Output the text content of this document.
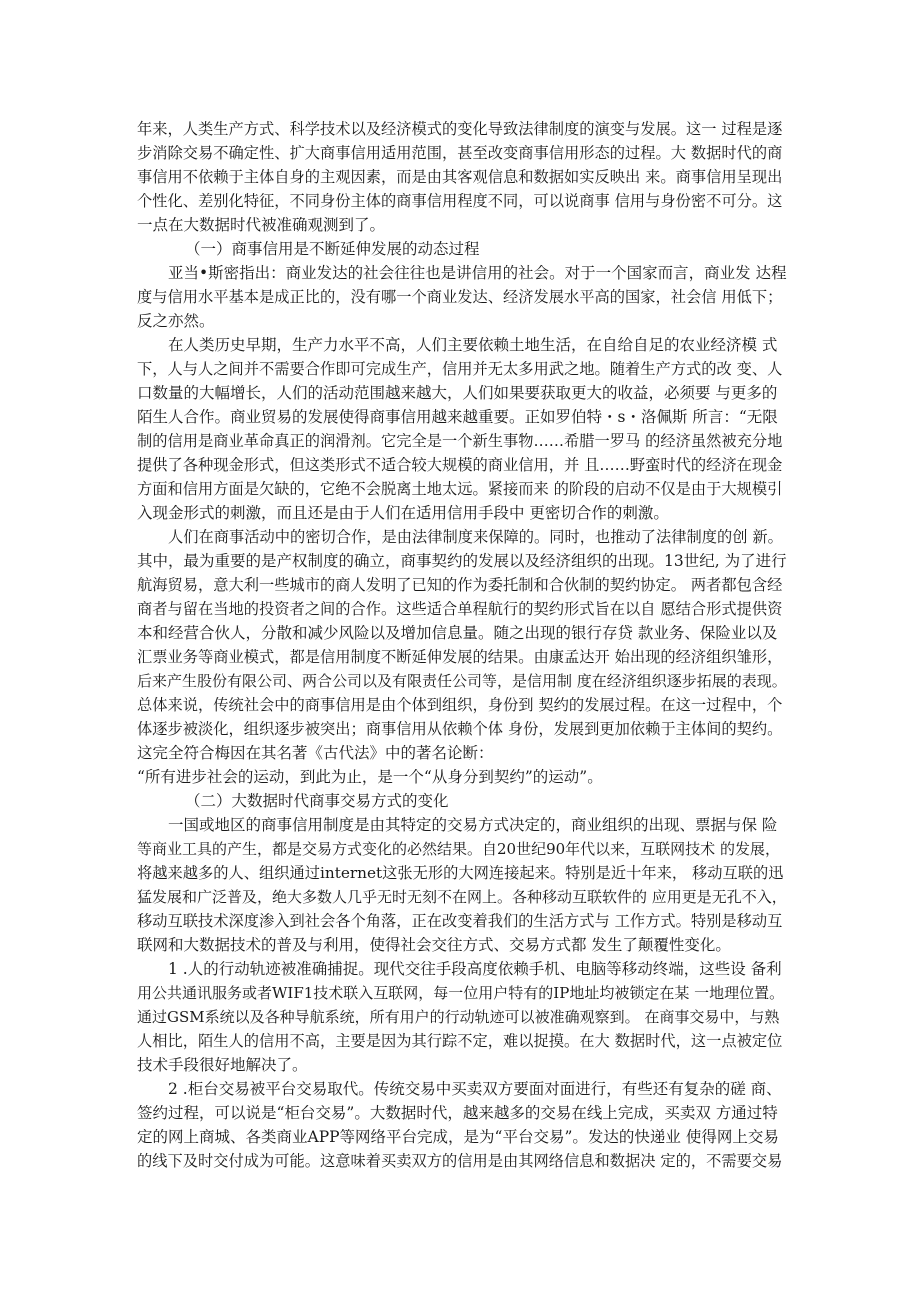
年来，人类生产方式、科学技术以及经济模式的变化导致法律制度的演变与发展。这一 过程是逐
步消除交易不确定性、扩大商事信用适用范围，甚至改变商事信用形态的过程。大 数据时代的商
事信用不依赖于主体自身的主观因素，而是由其客观信息和数据如实反映出 来。商事信用呈现出
个性化、差别化特征，不同身份主体的商事信用程度不同，可以说商事 信用与身份密不可分。这
一点在大数据时代被准确观测到了。
（一）商事信用是不断延伸发展的动态过程
亚当•斯密指出：商业发达的社会往往也是讲信用的社会。对于一个国家而言，商业发 达程
度与信用水平基本是成正比的，没有哪一个商业发达、经济发展水平高的国家，社会信 用低下；
反之亦然。
在人类历史早期，生产力水平不高，人们主要依赖土地生活，在自给自足的农业经济模 式
下，人与人之间并不需要合作即可完成生产，信用并无太多用武之地。随着生产方式的改 变、人
口数量的大幅增长，人们的活动范围越来越大，人们如果要获取更大的收益，必须要 与更多的
陌生人合作。商业贸易的发展使得商事信用越来越重要。正如罗伯特・s・洛佩斯 所言：“无限
制的信用是商业革命真正的润滑剂。它完全是一个新生事物……希腊一罗马 的经济虽然被充分地
提供了各种现金形式，但这类形式不适合较大规模的商业信用，并 且……野蛮时代的经济在现金
方面和信用方面是欠缺的，它绝不会脱离土地太远。紧接而来 的阶段的启动不仅是由于大规模引
入现金形式的刺激，而且还是由于人们在适用信用手段中 更密切合作的刺激。
人们在商事活动中的密切合作，是由法律制度来保障的。同时，也推动了法律制度的创 新。
其中，最为重要的是产权制度的确立，商事契约的发展以及经济组织的出现。13世纪, 为了进行
航海贸易，意大利一些城市的商人发明了已知的作为委托制和合伙制的契约协定。 两者都包含经
商者与留在当地的投资者之间的合作。这些适合单程航行的契约形式旨在以自 愿结合形式提供资
本和经营合伙人，分散和减少风险以及增加信息量。随之出现的银行存贷 款业务、保险业以及
汇票业务等商业模式，都是信用制度不断延伸发展的结果。由康孟达开 始出现的经济组织雏形，
后来产生股份有限公司、两合公司以及有限责任公司等，是信用制 度在经济组织逐步拓展的表现。
总体来说，传统社会中的商事信用是由个体到组织，身份到 契约的发展过程。在这一过程中，个
体逐步被淡化，组织逐步被突出；商事信用从依赖个体 身份，发展到更加依赖于主体间的契约。
这完全符合梅因在其名著《古代法》中的著名论断：
“所有进步社会的运动，到此为止，是一个“从身分到契约”的运动”。
（二）大数据时代商事交易方式的变化
一国或地区的商事信用制度是由其特定的交易方式决定的，商业组织的出现、票据与保 险
等商业工具的产生，都是交易方式变化的必然结果。自20世纪90年代以来，互联网技术 的发展，
将越来越多的人、组织通过internet这张无形的大网连接起来。特别是近十年来， 移动互联的迅
猛发展和广泛普及，绝大多数人几乎无时无刻不在网上。各种移动互联软件的 应用更是无孔不入，
移动互联技术深度渗入到社会各个角落，正在改变着我们的生活方式与 工作方式。特别是移动互
联网和大数据技术的普及与利用，使得社会交往方式、交易方式都 发生了颠覆性变化。
1 .人的行动轨迹被准确捕捉。现代交往手段高度依赖手机、电脑等移动终端，这些设 备利
用公共通讯服务或者WIF1技术联入互联网，每一位用户特有的IP地址均被锁定在某 一地理位置。
通过GSM系统以及各种导航系统，所有用户的行动轨迹可以被准确观察到。 在商事交易中，与熟
人相比，陌生人的信用不高，主要是因为其行踪不定，难以捉摸。在大 数据时代，这一点被定位
技术手段很好地解决了。
2 .柜台交易被平台交易取代。传统交易中买卖双方要面对面进行，有些还有复杂的磋 商、
签约过程，可以说是“柜台交易”。大数据时代，越来越多的交易在线上完成，买卖双 方通过特
定的网上商城、各类商业APP等网络平台完成，是为“平台交易”。发达的快递业 使得网上交易
的线下及时交付成为可能。这意味着买卖双方的信用是由其网络信息和数据决 定的，不需要交易
